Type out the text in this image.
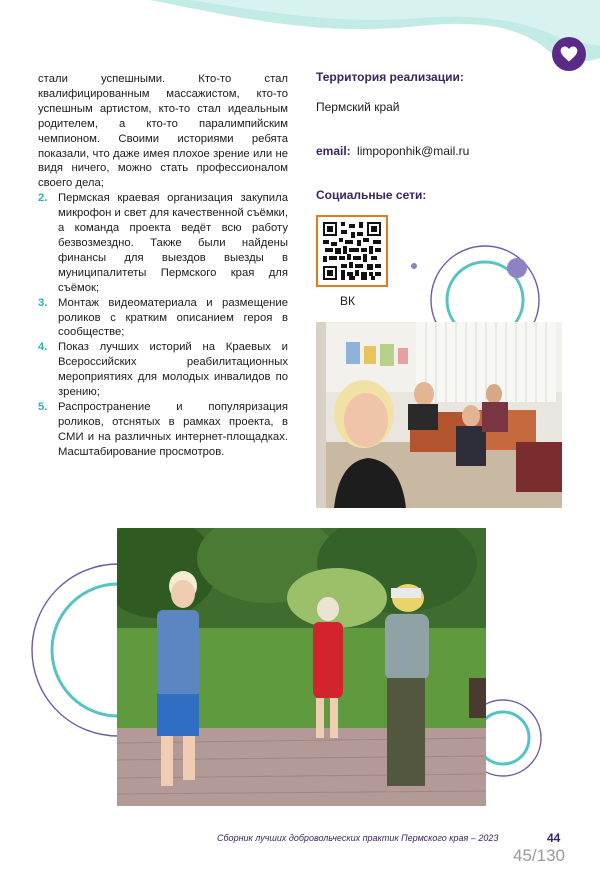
стали успешными. Кто-то стал квалифицированным массажистом, кто-то успешным артистом, кто-то стал идеальным родителем, а кто-то паралимпийским чемпионом. Своими историями ребята показали, что даже имея плохое зрение или не видя ничего, можно стать профессионалом своего дела;

2. Пермская краевая организация закупила микрофон и свет для качественной съёмки, а команда проекта ведёт всю работу безвозмездно. Также были найдены финансы для выездов выезды в муниципалитеты Пермского края для съёмок;
3. Монтаж видеоматериала и размещение роликов с кратким описанием героя в сообществе;
4. Показ лучших историй на Краевых и Всероссийских реабилитационных мероприятиях для молодых инвалидов по зрению;
5. Распространение и популяризация роликов, отснятых в рамках проекта, в СМИ и на различных интернет-площадках. Масштабирование просмотров.
Территория реализации:
Пермский край
email: limpoponhik@mail.ru
Социальные сети:
ВК
Сборник лучших добровольческих практик Пермского края – 2023	44
45/130
